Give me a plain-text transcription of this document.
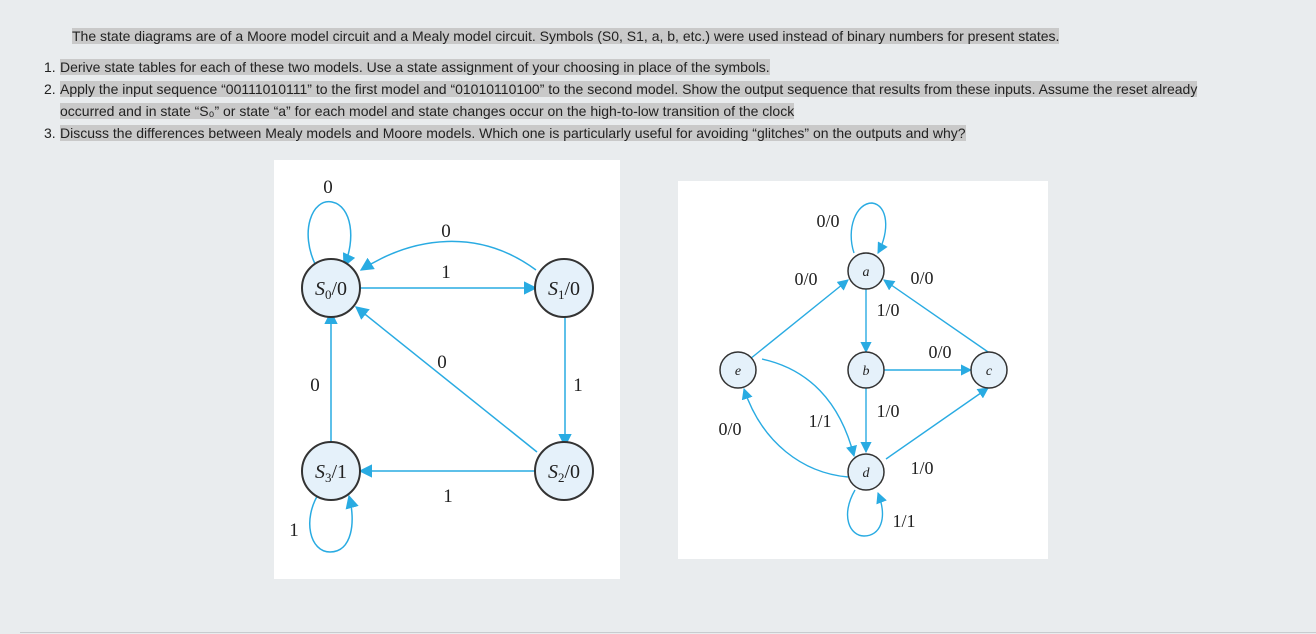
The state diagrams are of a Moore model circuit and a Mealy model circuit. Symbols (S0, S1, a, b, etc.) were used instead of binary numbers for present states.
1. Derive state tables for each of these two models. Use a state assignment of your choosing in place of the symbols.
2. Apply the input sequence “00111010111” to the first model and “01010110100” to the second model. Show the output sequence that results from these inputs. Assume the reset already
occurred and in state “S₀” or state “a” for each model and state changes occur on the high-to-low transition of the clock
3. Discuss the differences between Mealy models and Moore models. Which one is particularly useful for avoiding “glitches” on the outputs and why?
$S_0/0$	$S_1/0$
$S_2/0$
$S_3/1$
0
0
1
0
1
0
1
1
a
b	c
d
e
0/0
0/0	0/0
1/0
0/0
1/0
1/1
0/0
1/0
1/1
